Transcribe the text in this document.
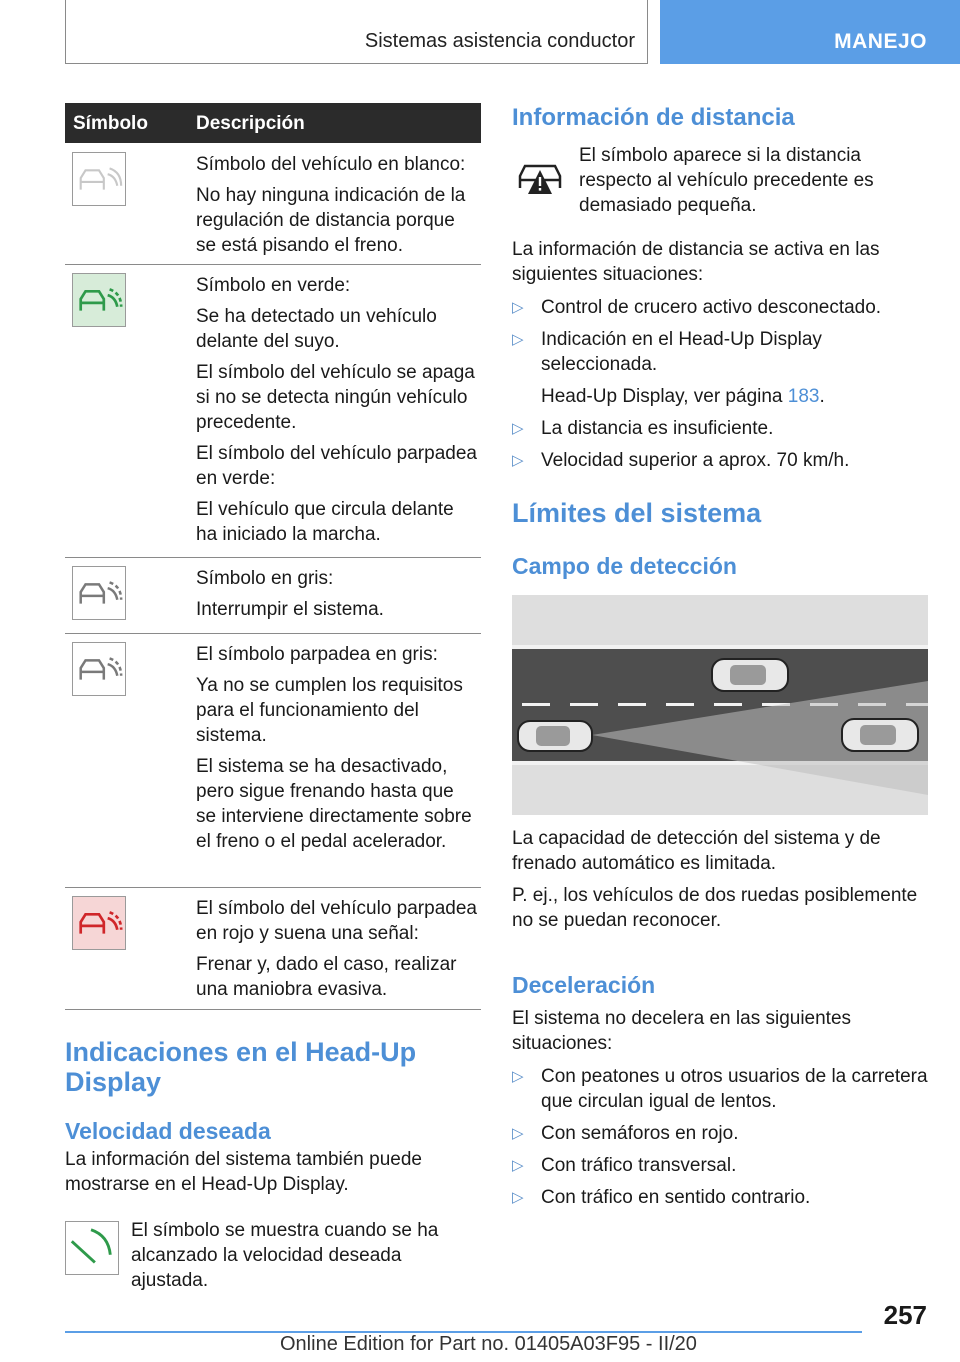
Sistemas asistencia conductor	MANEJO
Símbolo	Descripción

Símbolo del vehículo en blanco:

No hay ninguna indicación de la regulación de distancia porque se está pisando el freno.

Símbolo en verde:

Se ha detectado un vehículo delante del suyo.

El símbolo del vehículo se apaga si no se detecta ningún vehículo precedente.

El símbolo del vehículo parpadea en verde:

El vehículo que circula delante ha iniciado la marcha.

Símbolo en gris:

Interrumpir el sistema.

El símbolo parpadea en gris:

Ya no se cumplen los requisitos para el funcionamiento del sistema.

El sistema se ha desactivado, pero sigue frenando hasta que se interviene directamente sobre el freno o el pedal acelerador.

El símbolo del vehículo parpadea en rojo y suena una señal:

Frenar y, dado el caso, realizar una maniobra evasiva.

Indicaciones en el Head-Up Display
Velocidad deseada

La información del sistema también puede mostrarse en el Head-Up Display.

El símbolo se muestra cuando se ha alcanzado la velocidad deseada ajustada.

Información de distancia

El símbolo aparece si la distancia respecto al vehículo precedente es demasiado pequeña.

La información de distancia se activa en las siguientes situaciones:

▷ Control de crucero activo desconectado.
▷ Indicación en el Head-Up Display seleccionada.
Head-Up Display, ver página 183.
▷ La distancia es insuficiente.
▷ Velocidad superior a aprox. 70 km/h.
Límites del sistema
Campo de detección

La capacidad de detección del sistema y de frenado automático es limitada.

P. ej., los vehículos de dos ruedas posiblemente no se puedan reconocer.

Deceleración

El sistema no decelera en las siguientes situaciones:

▷ Con peatones u otros usuarios de la carretera que circulan igual de lentos.
▷ Con semáforos en rojo.
▷ Con tráfico transversal.
▷ Con tráfico en sentido contrario.
257
Online Edition for Part no. 01405A03F95 - II/20
